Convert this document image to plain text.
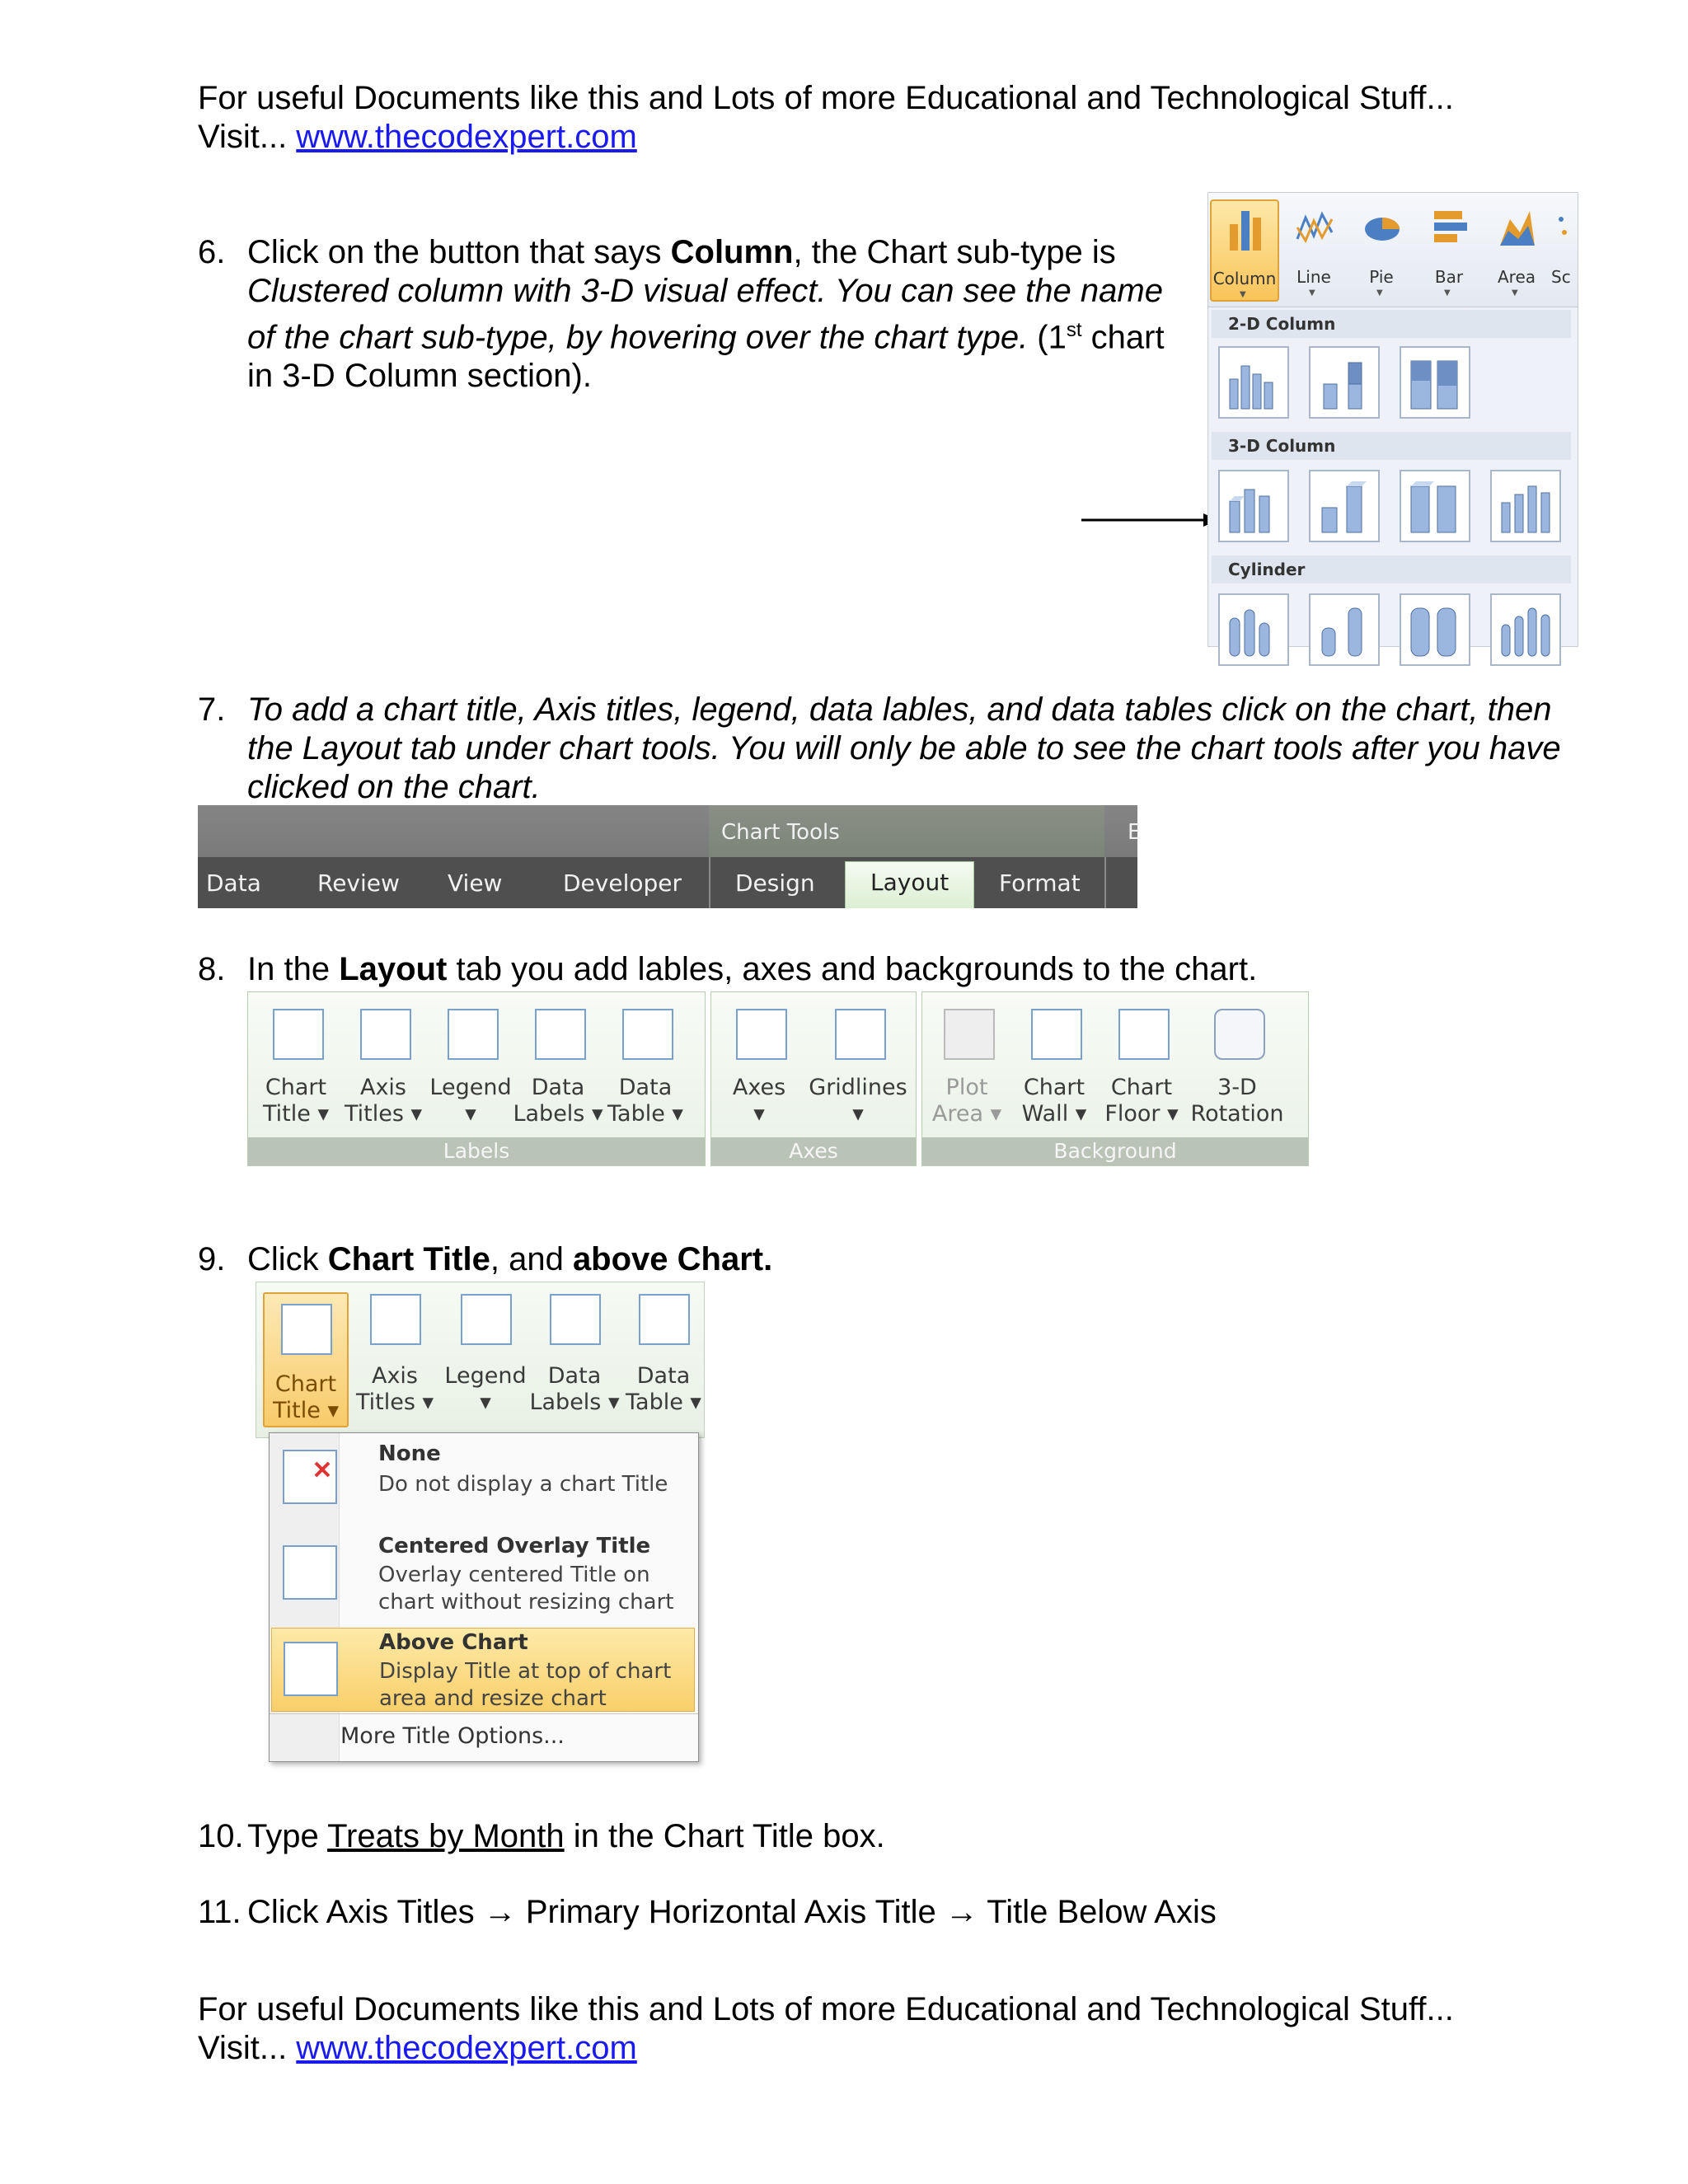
For useful Documents like this and Lots of more Educational and Technological Stuff...
Visit... www.thecodexpert.com
6. Click on the button that says Column, the Chart sub-type is
Clustered column with 3-D visual effect. You can see the name
of the chart sub-type, by hovering over the chart type. (1st chart
in 3-D Column section).
Column
▼
Line
▼
Pie
▼
Bar
▼
Area
▼
Sc
2-D Column
3-D Column
Cylinder
7. To add a chart title, Axis titles, legend, data lables, and data tables click on the chart, then
the Layout tab under chart tools. You will only be able to see the chart tools after you have
clicked on the chart.
Chart Tools	E
Data Review View	Developer Design	Layout	Format
8. In the Layout tab you add lables, axes and backgrounds to the chart.
Chart
Title ▾
Axis
Titles ▾
Legend
▾
Data
Labels ▾
Data
Table ▾
Labels
Axes
▾
Gridlines
▾
Axes
Plot
Area ▾
Chart
Wall ▾
Chart
Floor ▾
3-D
Rotation
Background
9. Click Chart Title, and above Chart.
Chart
Title ▾
Axis
Titles ▾
Legend
▾
Data
Labels ▾
Data
Table ▾
None
Do not display a chart Title
Centered Overlay Title
Overlay centered Title on chart without resizing chart
Above Chart
Display Title at top of chart area and resize chart
More Title Options...
10. Type Treats by Month in the Chart Title box.
11. Click Axis Titles → Primary Horizontal Axis Title → Title Below Axis
For useful Documents like this and Lots of more Educational and Technological Stuff...
Visit... www.thecodexpert.com
